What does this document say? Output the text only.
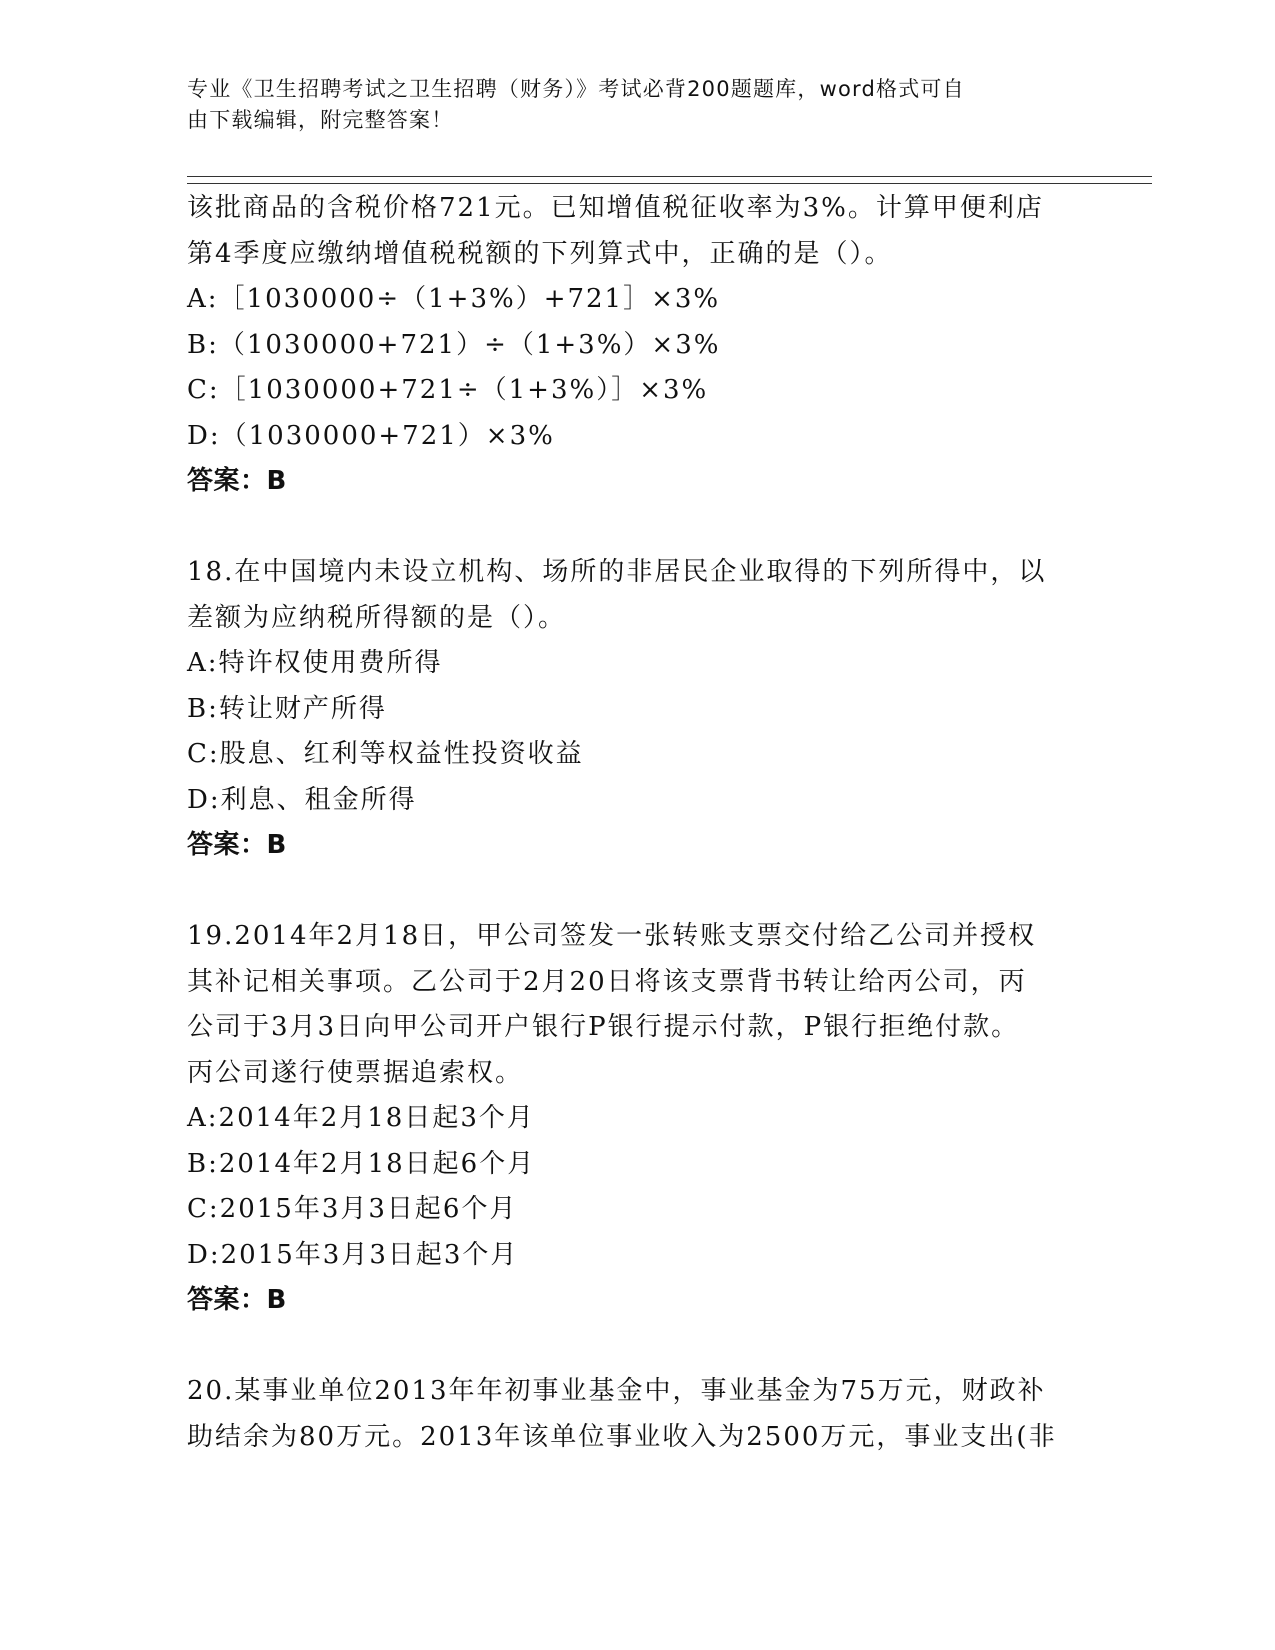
专业《卫生招聘考试之卫生招聘（财务）》考试必背200题题库，word格式可自
由下载编辑，附完整答案！
该批商品的含税价格721元。已知增值税征收率为3%。计算甲便利店
第4季度应缴纳增值税税额的下列算式中，正确的是（）。
A:［1030000÷（1+3%）+721］×3%
B:（1030000+721）÷（1+3%）×3%
C:［1030000+721÷（1+3%）］×3%
D:（1030000+721）×3%
答案：B
18.在中国境内未设立机构、场所的非居民企业取得的下列所得中，以
差额为应纳税所得额的是（）。
A:特许权使用费所得
B:转让财产所得
C:股息、红利等权益性投资收益
D:利息、租金所得
答案：B
19.2014年2月18日，甲公司签发一张转账支票交付给乙公司并授权
其补记相关事项。乙公司于2月20日将该支票背书转让给丙公司，丙
公司于3月3日向甲公司开户银行P银行提示付款，P银行拒绝付款。
丙公司遂行使票据追索权。
A:2014年2月18日起3个月
B:2014年2月18日起6个月
C:2015年3月3日起6个月
D:2015年3月3日起3个月
答案：B
20.某事业单位2013年年初事业基金中，事业基金为75万元，财政补
助结余为80万元。2013年该单位事业收入为2500万元，事业支出(非
